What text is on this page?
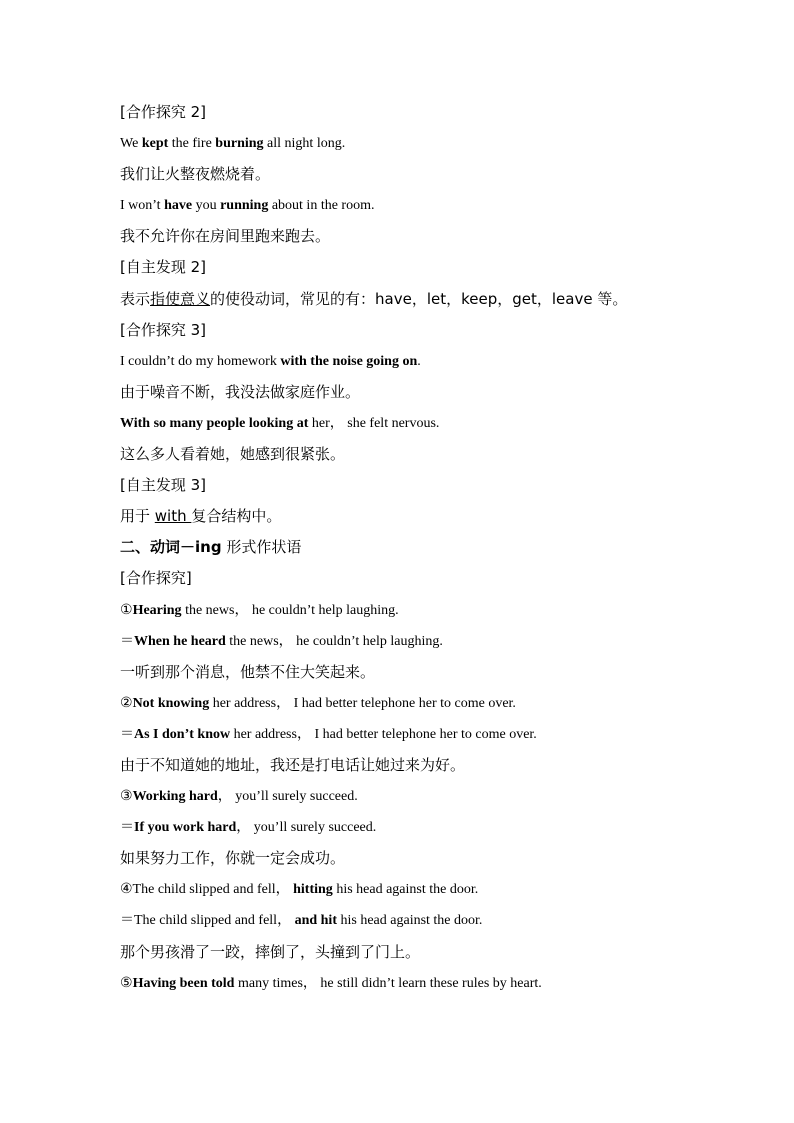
[合作探究 2]
We kept the fire burning all night long.
我们让火整夜燃烧着。
I won’t have you running about in the room.
我不允许你在房间里跑来跑去。
[自主发现 2]
表示指使意义的使役动词，常见的有：have，let，keep，get，leave 等。
[合作探究 3]
I couldn’t do my homework with the noise going on.
由于噪音不断，我没法做家庭作业。
With so many people looking at her， she felt nervous.
这么多人看着她，她感到很紧张。
[自主发现 3]
用于 with 复合结构中。
二、动词－ing 形式作状语
[合作探究]
①Hearing the news， he couldn’t help laughing.
＝When he heard the news， he couldn’t help laughing.
一听到那个消息，他禁不住大笑起来。
②Not knowing her address， I had better telephone her to come over.
＝As I don’t know her address， I had better telephone her to come over.
由于不知道她的地址，我还是打电话让她过来为好。
③Working hard， you’ll surely succeed.
＝If you work hard， you’ll surely succeed.
如果努力工作，你就一定会成功。
④The child slipped and fell， hitting his head against the door.
＝The child slipped and fell， and hit his head against the door.
那个男孩滑了一跤，摔倒了，头撞到了门上。
⑤Having been told many times， he still didn’t learn these rules by heart.
